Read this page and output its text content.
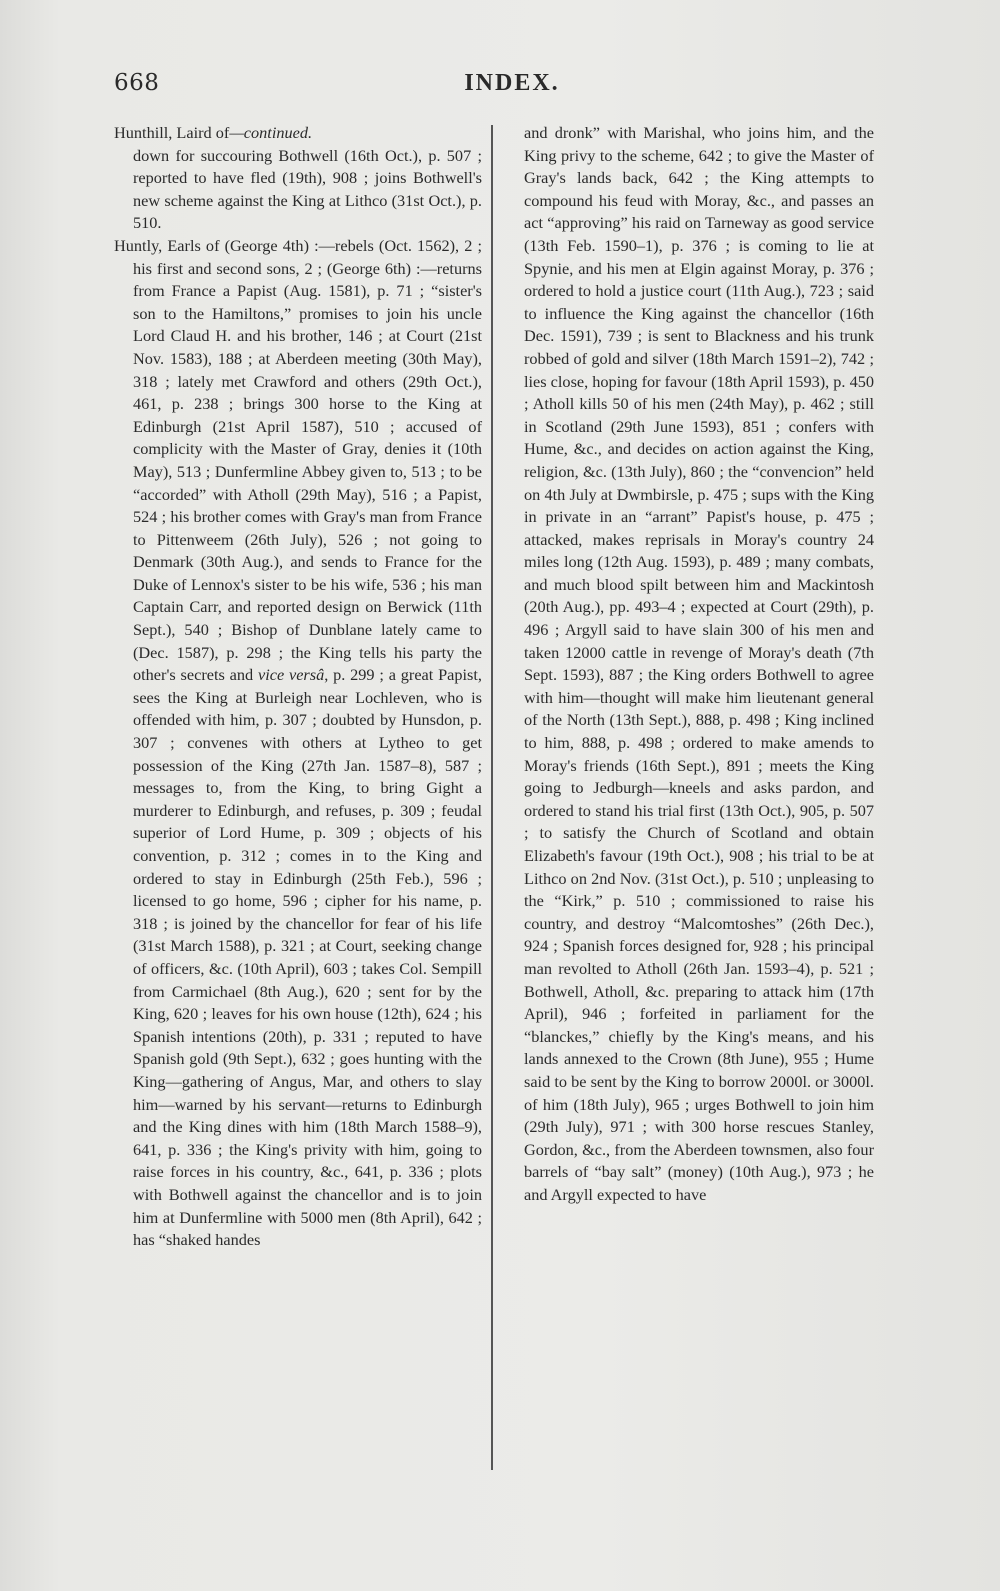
668	INDEX.

Hunthill, Laird of—continued.

down for succouring Bothwell (16th Oct.), p. 507 ; reported to have fled (19th), 908 ; joins Bothwell's new scheme against the King at Lithco (31st Oct.), p. 510.

Huntly, Earls of (George 4th) :—rebels (Oct. 1562), 2 ; his first and second sons, 2 ; (George 6th) :—returns from France a Papist (Aug. 1581), p. 71 ; “sister's son to the Hamiltons,” promises to join his uncle Lord Claud H. and his brother, 146 ; at Court (21st Nov. 1583), 188 ; at Aberdeen meeting (30th May), 318 ; lately met Crawford and others (29th Oct.), 461, p. 238 ; brings 300 horse to the King at Edinburgh (21st April 1587), 510 ; accused of complicity with the Master of Gray, denies it (10th May), 513 ; Dunfermline Abbey given to, 513 ; to be “accorded” with Atholl (29th May), 516 ; a Papist, 524 ; his brother comes with Gray's man from France to Pittenweem (26th July), 526 ; not going to Denmark (30th Aug.), and sends to France for the Duke of Lennox's sister to be his wife, 536 ; his man Captain Carr, and reported design on Berwick (11th Sept.), 540 ; Bishop of Dunblane lately came to (Dec. 1587), p. 298 ; the King tells his party the other's secrets and vice versâ, p. 299 ; a great Papist, sees the King at Burleigh near Lochleven, who is offended with him, p. 307 ; doubted by Hunsdon, p. 307 ; convenes with others at Lytheo to get possession of the King (27th Jan. 1587–8), 587 ; messages to, from the King, to bring Gight a murderer to Edinburgh, and refuses, p. 309 ; feudal superior of Lord Hume, p. 309 ; objects of his convention, p. 312 ; comes in to the King and ordered to stay in Edinburgh (25th Feb.), 596 ; licensed to go home, 596 ; cipher for his name, p. 318 ; is joined by the chancellor for fear of his life (31st March 1588), p. 321 ; at Court, seeking change of officers, &c. (10th April), 603 ; takes Col. Sempill from Carmichael (8th Aug.), 620 ; sent for by the King, 620 ; leaves for his own house (12th), 624 ; his Spanish intentions (20th), p. 331 ; reputed to have Spanish gold (9th Sept.), 632 ; goes hunting with the King—gathering of Angus, Mar, and others to slay him—warned by his servant—returns to Edinburgh and the King dines with him (18th March 1588–9), 641, p. 336 ; the King's privity with him, going to raise forces in his country, &c., 641, p. 336 ; plots with Bothwell against the chancellor and is to join him at Dunfermline with 5000 men (8th April), 642 ; has “shaked handes

and dronk” with Marishal, who joins him, and the King privy to the scheme, 642 ; to give the Master of Gray's lands back, 642 ; the King attempts to compound his feud with Moray, &c., and passes an act “approving” his raid on Tarneway as good service (13th Feb. 1590–1), p. 376 ; is coming to lie at Spynie, and his men at Elgin against Moray, p. 376 ; ordered to hold a justice court (11th Aug.), 723 ; said to influence the King against the chancellor (16th Dec. 1591), 739 ; is sent to Blackness and his trunk robbed of gold and silver (18th March 1591–2), 742 ; lies close, hoping for favour (18th April 1593), p. 450 ; Atholl kills 50 of his men (24th May), p. 462 ; still in Scotland (29th June 1593), 851 ; confers with Hume, &c., and decides on action against the King, religion, &c. (13th July), 860 ; the “convencion” held on 4th July at Dwmbirsle, p. 475 ; sups with the King in private in an “arrant” Papist's house, p. 475 ; attacked, makes reprisals in Moray's country 24 miles long (12th Aug. 1593), p. 489 ; many combats, and much blood spilt between him and Mackintosh (20th Aug.), pp. 493–4 ; expected at Court (29th), p. 496 ; Argyll said to have slain 300 of his men and taken 12000 cattle in revenge of Moray's death (7th Sept. 1593), 887 ; the King orders Bothwell to agree with him—thought will make him lieutenant general of the North (13th Sept.), 888, p. 498 ; King inclined to him, 888, p. 498 ; ordered to make amends to Moray's friends (16th Sept.), 891 ; meets the King going to Jedburgh—kneels and asks pardon, and ordered to stand his trial first (13th Oct.), 905, p. 507 ; to satisfy the Church of Scotland and obtain Elizabeth's favour (19th Oct.), 908 ; his trial to be at Lithco on 2nd Nov. (31st Oct.), p. 510 ; unpleasing to the “Kirk,” p. 510 ; commissioned to raise his country, and destroy “Malcomtoshes” (26th Dec.), 924 ; Spanish forces designed for, 928 ; his principal man revolted to Atholl (26th Jan. 1593–4), p. 521 ; Bothwell, Atholl, &c. preparing to attack him (17th April), 946 ; forfeited in parliament for the “blanckes,” chiefly by the King's means, and his lands annexed to the Crown (8th June), 955 ; Hume said to be sent by the King to borrow 2000l. or 3000l. of him (18th July), 965 ; urges Bothwell to join him (29th July), 971 ; with 300 horse rescues Stanley, Gordon, &c., from the Aberdeen townsmen, also four barrels of “bay salt” (money) (10th Aug.), 973 ; he and Argyll expected to have
